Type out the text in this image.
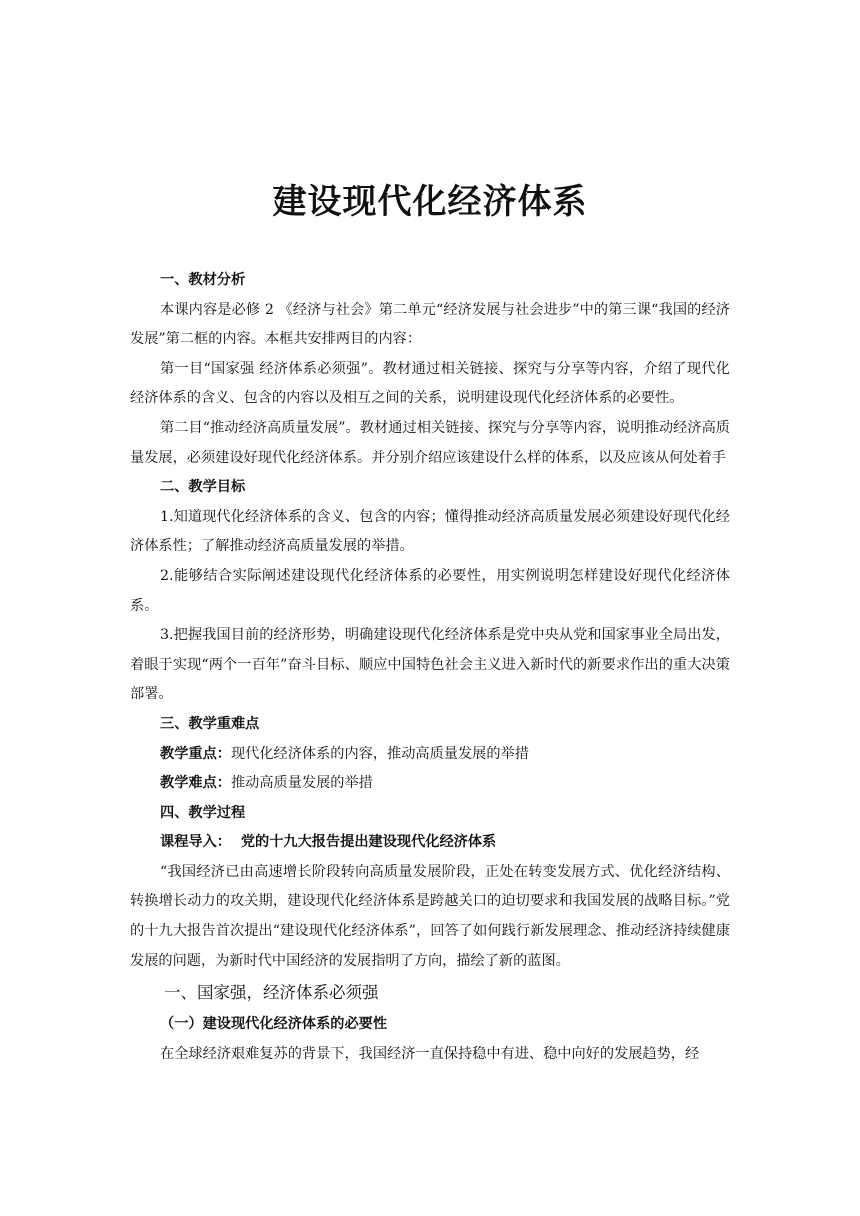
建设现代化经济体系

一、教材分析

本课内容是必修 2 《经济与社会》第二单元“经济发展与社会进步”中的第三课“我国的经济发展”第二框的内容。本框共安排两目的内容：

第一目“国家强 经济体系必须强”。教材通过相关链接、探究与分享等内容，介绍了现代化经济体系的含义、包含的内容以及相互之间的关系，说明建设现代化经济体系的必要性。

第二目“推动经济高质量发展”。教材通过相关链接、探究与分享等内容，说明推动经济高质量发展，必须建设好现代化经济体系。并分别介绍应该建设什么样的体系，以及应该从何处着手

二、教学目标

1.知道现代化经济体系的含义、包含的内容；懂得推动经济高质量发展必须建设好现代化经济体系性；了解推动经济高质量发展的举措。

2.能够结合实际阐述建设现代化经济体系的必要性，用实例说明怎样建设好现代化经济体系。

3.把握我国目前的经济形势，明确建设现代化经济体系是党中央从党和国家事业全局出发，着眼于实现“两个一百年”奋斗目标、顺应中国特色社会主义进入新时代的新要求作出的重大决策部署。

三、教学重难点

教学重点：现代化经济体系的内容，推动高质量发展的举措

教学难点：推动高质量发展的举措

四、教学过程

课程导入：  党的十九大报告提出建设现代化经济体系

“我国经济已由高速增长阶段转向高质量发展阶段，正处在转变发展方式、优化经济结构、转换增长动力的攻关期，建设现代化经济体系是跨越关口的迫切要求和我国发展的战略目标。”党的十九大报告首次提出“建设现代化经济体系”，回答了如何践行新发展理念、推动经济持续健康发展的问题，为新时代中国经济的发展指明了方向，描绘了新的蓝图。

一、国家强，经济体系必须强

（一）建设现代化经济体系的必要性

在全球经济艰难复苏的背景下，我国经济一直保持稳中有进、稳中向好的发展趋势，经
